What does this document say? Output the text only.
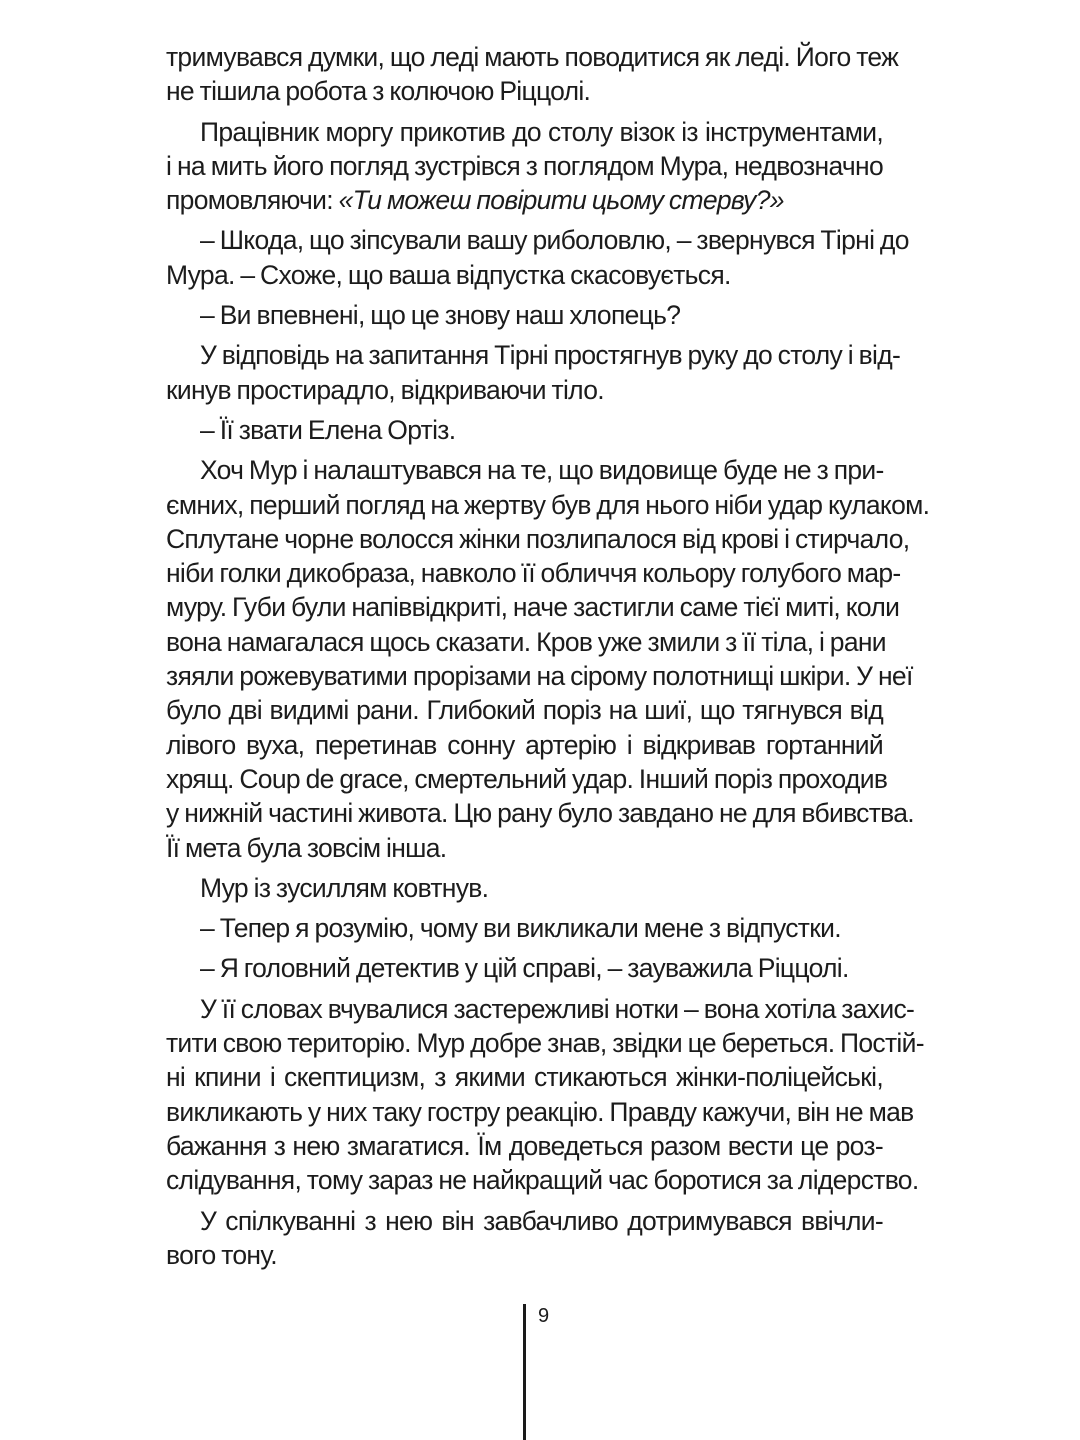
тримувався думки, що леді мають поводитися як леді. Його теж
не тішила робота з колючою Ріццолі.
Працівник моргу прикотив до столу візок із інструментами,
і на мить його погляд зустрівся з поглядом Мура, недвозначно
промовляючи: «Ти можеш повірити цьому стерву?»
– Шкода, що зіпсували вашу риболовлю, – звернувся Тірні до
Мура. – Схоже, що ваша відпустка скасовується.
– Ви впевнені, що це знову наш хлопець?
У відповідь на запитання Тірні простягнув руку до столу і від-
кинув простирадло, відкриваючи тіло.
– Її звати Елена Ортіз.
Хоч Мур і налаштувався на те, що видовище буде не з при-
ємних, перший погляд на жертву був для нього ніби удар кулаком.
Сплутане чорне волосся жінки позлипалося від крові і стирчало,
ніби голки дикобраза, навколо її обличчя кольору голубого мар-
муру. Губи були напіввідкриті, наче застигли саме тієї миті, коли
вона намагалася щось сказати. Кров уже змили з її тіла, і рани
зяяли рожевуватими прорізами на сірому полотнищі шкіри. У неї
було дві видимі рани. Глибокий поріз на шиї, що тягнувся від
лівого вуха, перетинав сонну артерію і відкривав гортанний
хрящ. Coup de grace, смертельний удар. Інший поріз проходив
у нижній частині живота. Цю рану було завдано не для вбивства.
Її мета була зовсім інша.
Мур із зусиллям ковтнув.
– Тепер я розумію, чому ви викликали мене з відпустки.
– Я головний детектив у цій справі, – зауважила Ріццолі.
У її словах вчувалися застережливі нотки – вона хотіла захис-
тити свою територію. Мур добре знав, звідки це береться. Постій-
ні кпини і скептицизм, з якими стикаються жінки-поліцейські,
викликають у них таку гостру реакцію. Правду кажучи, він не мав
бажання з нею змагатися. Їм доведеться разом вести це роз-
слідування, тому зараз не найкращий час боротися за лідерство.
У спілкуванні з нею він завбачливо дотримувався ввічли-
вого тону.
9
